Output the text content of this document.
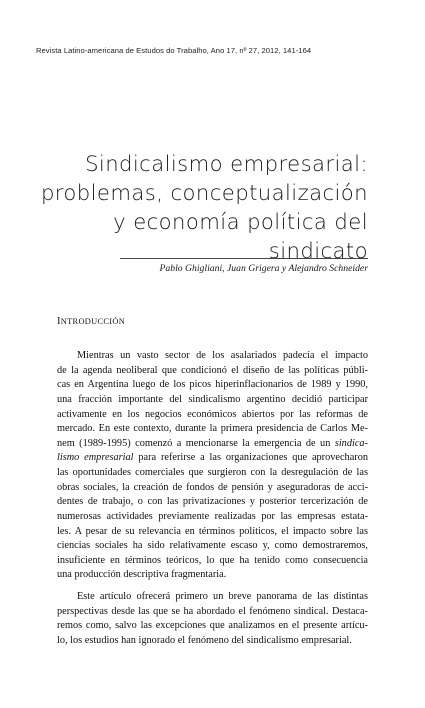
Revista Latino-americana de Estudos do Trabalho, Ano 17, nº 27, 2012, 141-164
Sindicalismo empresarial:
problemas, conceptualización
y economía política del
sindicato
Pablo Ghigliani, Juan Grigera y Alejandro Schneider
INTRODUCCIÓN
Mientras un vasto sector de los asalariados padecía el impacto
de la agenda neoliberal que condicionó el diseño de las políticas públi-
cas en Argentina luego de los picos hiperinflacionarios de 1989 y 1990,
una fracción importante del sindicalismo argentino decidió participar
activamente en los negocios económicos abiertos por las reformas de
mercado. En este contexto, durante la primera presidencia de Carlos Me-
nem (1989-1995) comenzó a mencionarse la emergencia de un sindica-
lismo empresarial para referirse a las organizaciones que aprovecharon
las oportunidades comerciales que surgieron con la desregulación de las
obras sociales, la creación de fondos de pensión y aseguradoras de acci-
dentes de trabajo, o con las privatizaciones y posterior tercerización de
numerosas actividades previamente realizadas por las empresas estata-
les. A pesar de su relevancia en términos políticos, el impacto sobre las
ciencias sociales ha sido relativamente escaso y, como demostraremos,
insuficiente en términos teóricos, lo que ha tenido como consecuencia
una producción descriptiva fragmentaria.
Este artículo ofrecerá primero un breve panorama de las distintas
perspectivas desde las que se ha abordado el fenómeno sindical. Destaca-
remos como, salvo las excepciones que analizamos en el presente artícu-
lo, los estudios han ignorado el fenómeno del sindicalismo empresarial.
